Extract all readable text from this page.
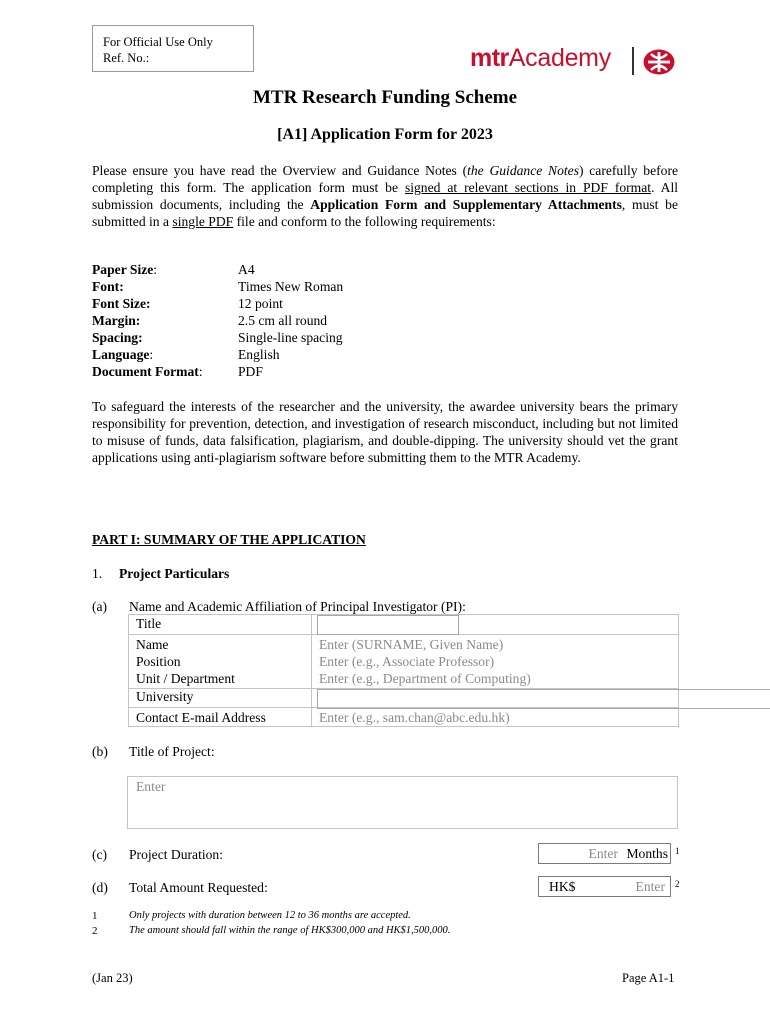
For Official Use Only
Ref. No.:	mtrAcademy
MTR Research Funding Scheme
[A1] Application Form for 2023
Please ensure you have read the Overview and Guidance Notes (the Guidance Notes) carefully before completing this form. The application form must be signed at relevant sections in PDF format. All submission documents, including the Application Form and Supplementary Attachments, must be submitted in a single PDF file and conform to the following requirements:
Paper Size:	A4
Font:	Times New Roman
Font Size:	12 point
Margin:	2.5 cm all round
Spacing:	Single-line spacing
Language:	English
Document Format:	PDF
To safeguard the interests of the researcher and the university, the awardee university bears the primary responsibility for prevention, detection, and investigation of research misconduct, including but not limited to misuse of funds, data falsification, plagiarism, and double-dipping. The university should vet the grant applications using anti-plagiarism software before submitting them to the MTR Academy.
PART I: SUMMARY OF THE APPLICATION
1. Project Particulars
(a) Name and Academic Affiliation of Principal Investigator (PI):
Title
Name	Enter (SURNAME, Given Name)
Position	Enter (e.g., Associate Professor)
Unit / Department	Enter (e.g., Department of Computing)
University
Contact E-mail Address	Enter (e.g., sam.chan@abc.edu.hk)
(b) Title of Project:
Enter
(c) Project Duration:	Enter Months 1
(d) Total Amount Requested:	HK$	Enter 2
1	Only projects with duration between 12 to 36 months are accepted.
2	The amount should fall within the range of HK$300,000 and HK$1,500,000.
(Jan 23)	Page A1-1
